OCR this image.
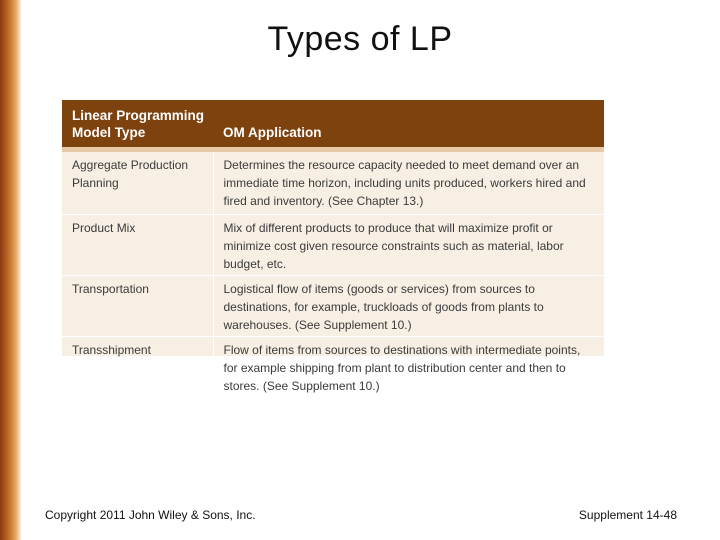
Types of LP
Linear Programming Model Type	OM Application

Aggregate Production Planning	Determines the resource capacity needed to meet demand over an immediate time horizon, including units produced, workers hired and fired and inventory. (See Chapter 13.)
Product Mix	Mix of different products to produce that will maximize profit or minimize cost given resource constraints such as material, labor budget, etc.
Transportation	Logistical flow of items (goods or services) from sources to destinations, for example, truckloads of goods from plants to warehouses. (See Supplement 10.)
Transshipment	Flow of items from sources to destinations with intermediate points, for example shipping from plant to distribution center and then to stores. (See Supplement 10.)
Copyright 2011 John Wiley & Sons, Inc.	Supplement 14-48
